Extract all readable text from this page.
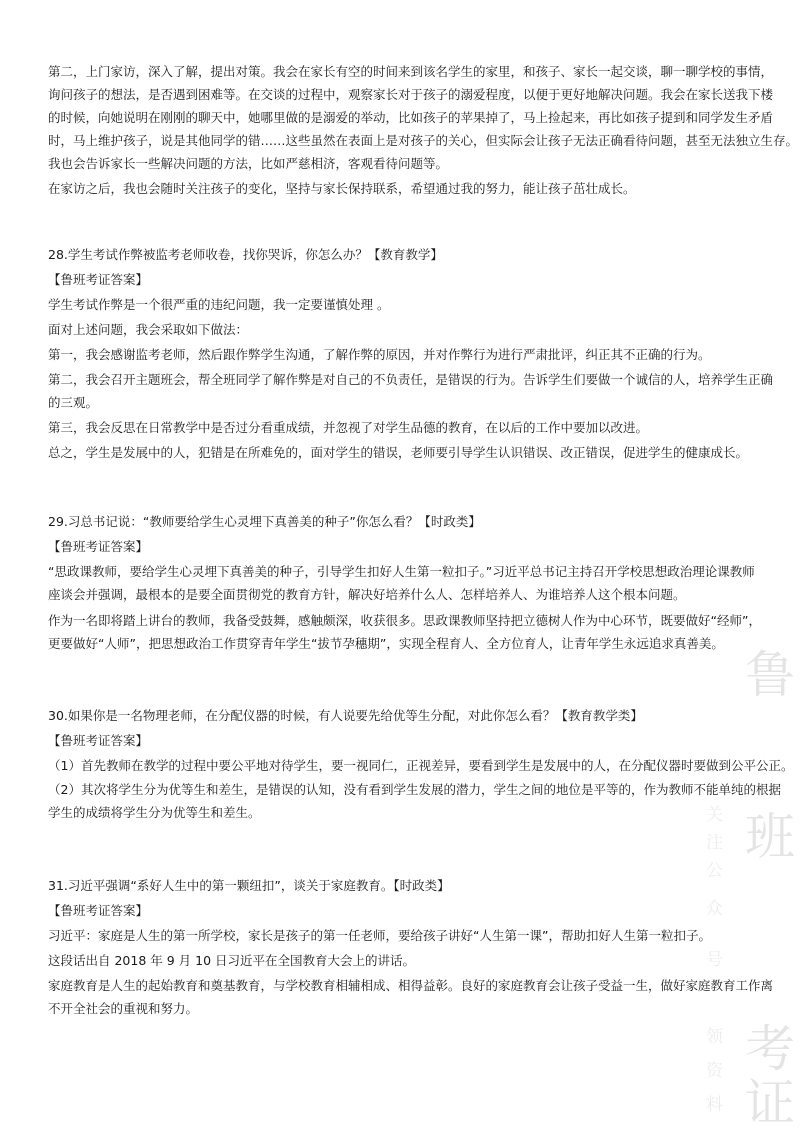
第二，上门家访，深入了解，提出对策。我会在家长有空的时间来到该名学生的家里，和孩子、家长一起交谈，聊一聊学校的事情，
询问孩子的想法，是否遇到困难等。在交谈的过程中，观察家长对于孩子的溺爱程度，以便于更好地解决问题。我会在家长送我下楼
的时候，向她说明在刚刚的聊天中，她哪里做的是溺爱的举动，比如孩子的苹果掉了，马上捡起来，再比如孩子提到和同学发生矛盾
时，马上维护孩子，说是其他同学的错……这些虽然在表面上是对孩子的关心，但实际会让孩子无法正确看待问题，甚至无法独立生存。
我也会告诉家长一些解决问题的方法，比如严慈相济，客观看待问题等。
在家访之后，我也会随时关注孩子的变化，坚持与家长保持联系，希望通过我的努力，能让孩子茁壮成长。
28.学生考试作弊被监考老师收卷，找你哭诉，你怎么办？【教育教学】
【鲁班考证答案】
学生考试作弊是一个很严重的违纪问题，我一定要谨慎处理 。
面对上述问题，我会采取如下做法：
第一，我会感谢监考老师，然后跟作弊学生沟通，了解作弊的原因，并对作弊行为进行严肃批评，纠正其不正确的行为。
第二，我会召开主题班会，帮全班同学了解作弊是对自己的不负责任，是错误的行为。告诉学生们要做一个诚信的人，培养学生正确
的三观。
第三，我会反思在日常教学中是否过分看重成绩，并忽视了对学生品德的教育，在以后的工作中要加以改进。
总之，学生是发展中的人，犯错是在所难免的，面对学生的错误，老师要引导学生认识错误、改正错误，促进学生的健康成长。
29.习总书记说：“教师要给学生心灵埋下真善美的种子”你怎么看？【时政类】
【鲁班考证答案】
“思政课教师，要给学生心灵埋下真善美的种子，引导学生扣好人生第一粒扣子。”习近平总书记主持召开学校思想政治理论课教师
座谈会并强调，最根本的是要全面贯彻党的教育方针，解决好培养什么人、怎样培养人、为谁培养人这个根本问题。
作为一名即将踏上讲台的教师，我备受鼓舞，感触颇深，收获很多。思政课教师坚持把立德树人作为中心环节，既要做好“经师”，
更要做好“人师”，把思想政治工作贯穿青年学生“拔节孕穗期”，实现全程育人、全方位育人，让青年学生永远追求真善美。
30.如果你是一名物理老师，在分配仪器的时候，有人说要先给优等生分配，对此你怎么看？【教育教学类】
【鲁班考证答案】
（1）首先教师在教学的过程中要公平地对待学生，要一视同仁，正视差异，要看到学生是发展中的人，在分配仪器时要做到公平公正。
（2）其次将学生分为优等生和差生，是错误的认知，没有看到学生发展的潜力，学生之间的地位是平等的，作为教师不能单纯的根据
学生的成绩将学生分为优等生和差生。
31.习近平强调“系好人生中的第一颗纽扣”，谈关于家庭教育。【时政类】
【鲁班考证答案】
习近平：家庭是人生的第一所学校，家长是孩子的第一任老师，要给孩子讲好“人生第一课”，帮助扣好人生第一粒扣子。
这段话出自 2018 年 9 月 10 日习近平在全国教育大会上的讲话。
家庭教育是人生的起始教育和奠基教育，与学校教育相辅相成、相得益彰。良好的家庭教育会让孩子受益一生，做好家庭教育工作离
不开全社会的重视和努力。
鲁
班
考
证
关
注
公
众
号
领
资
料
